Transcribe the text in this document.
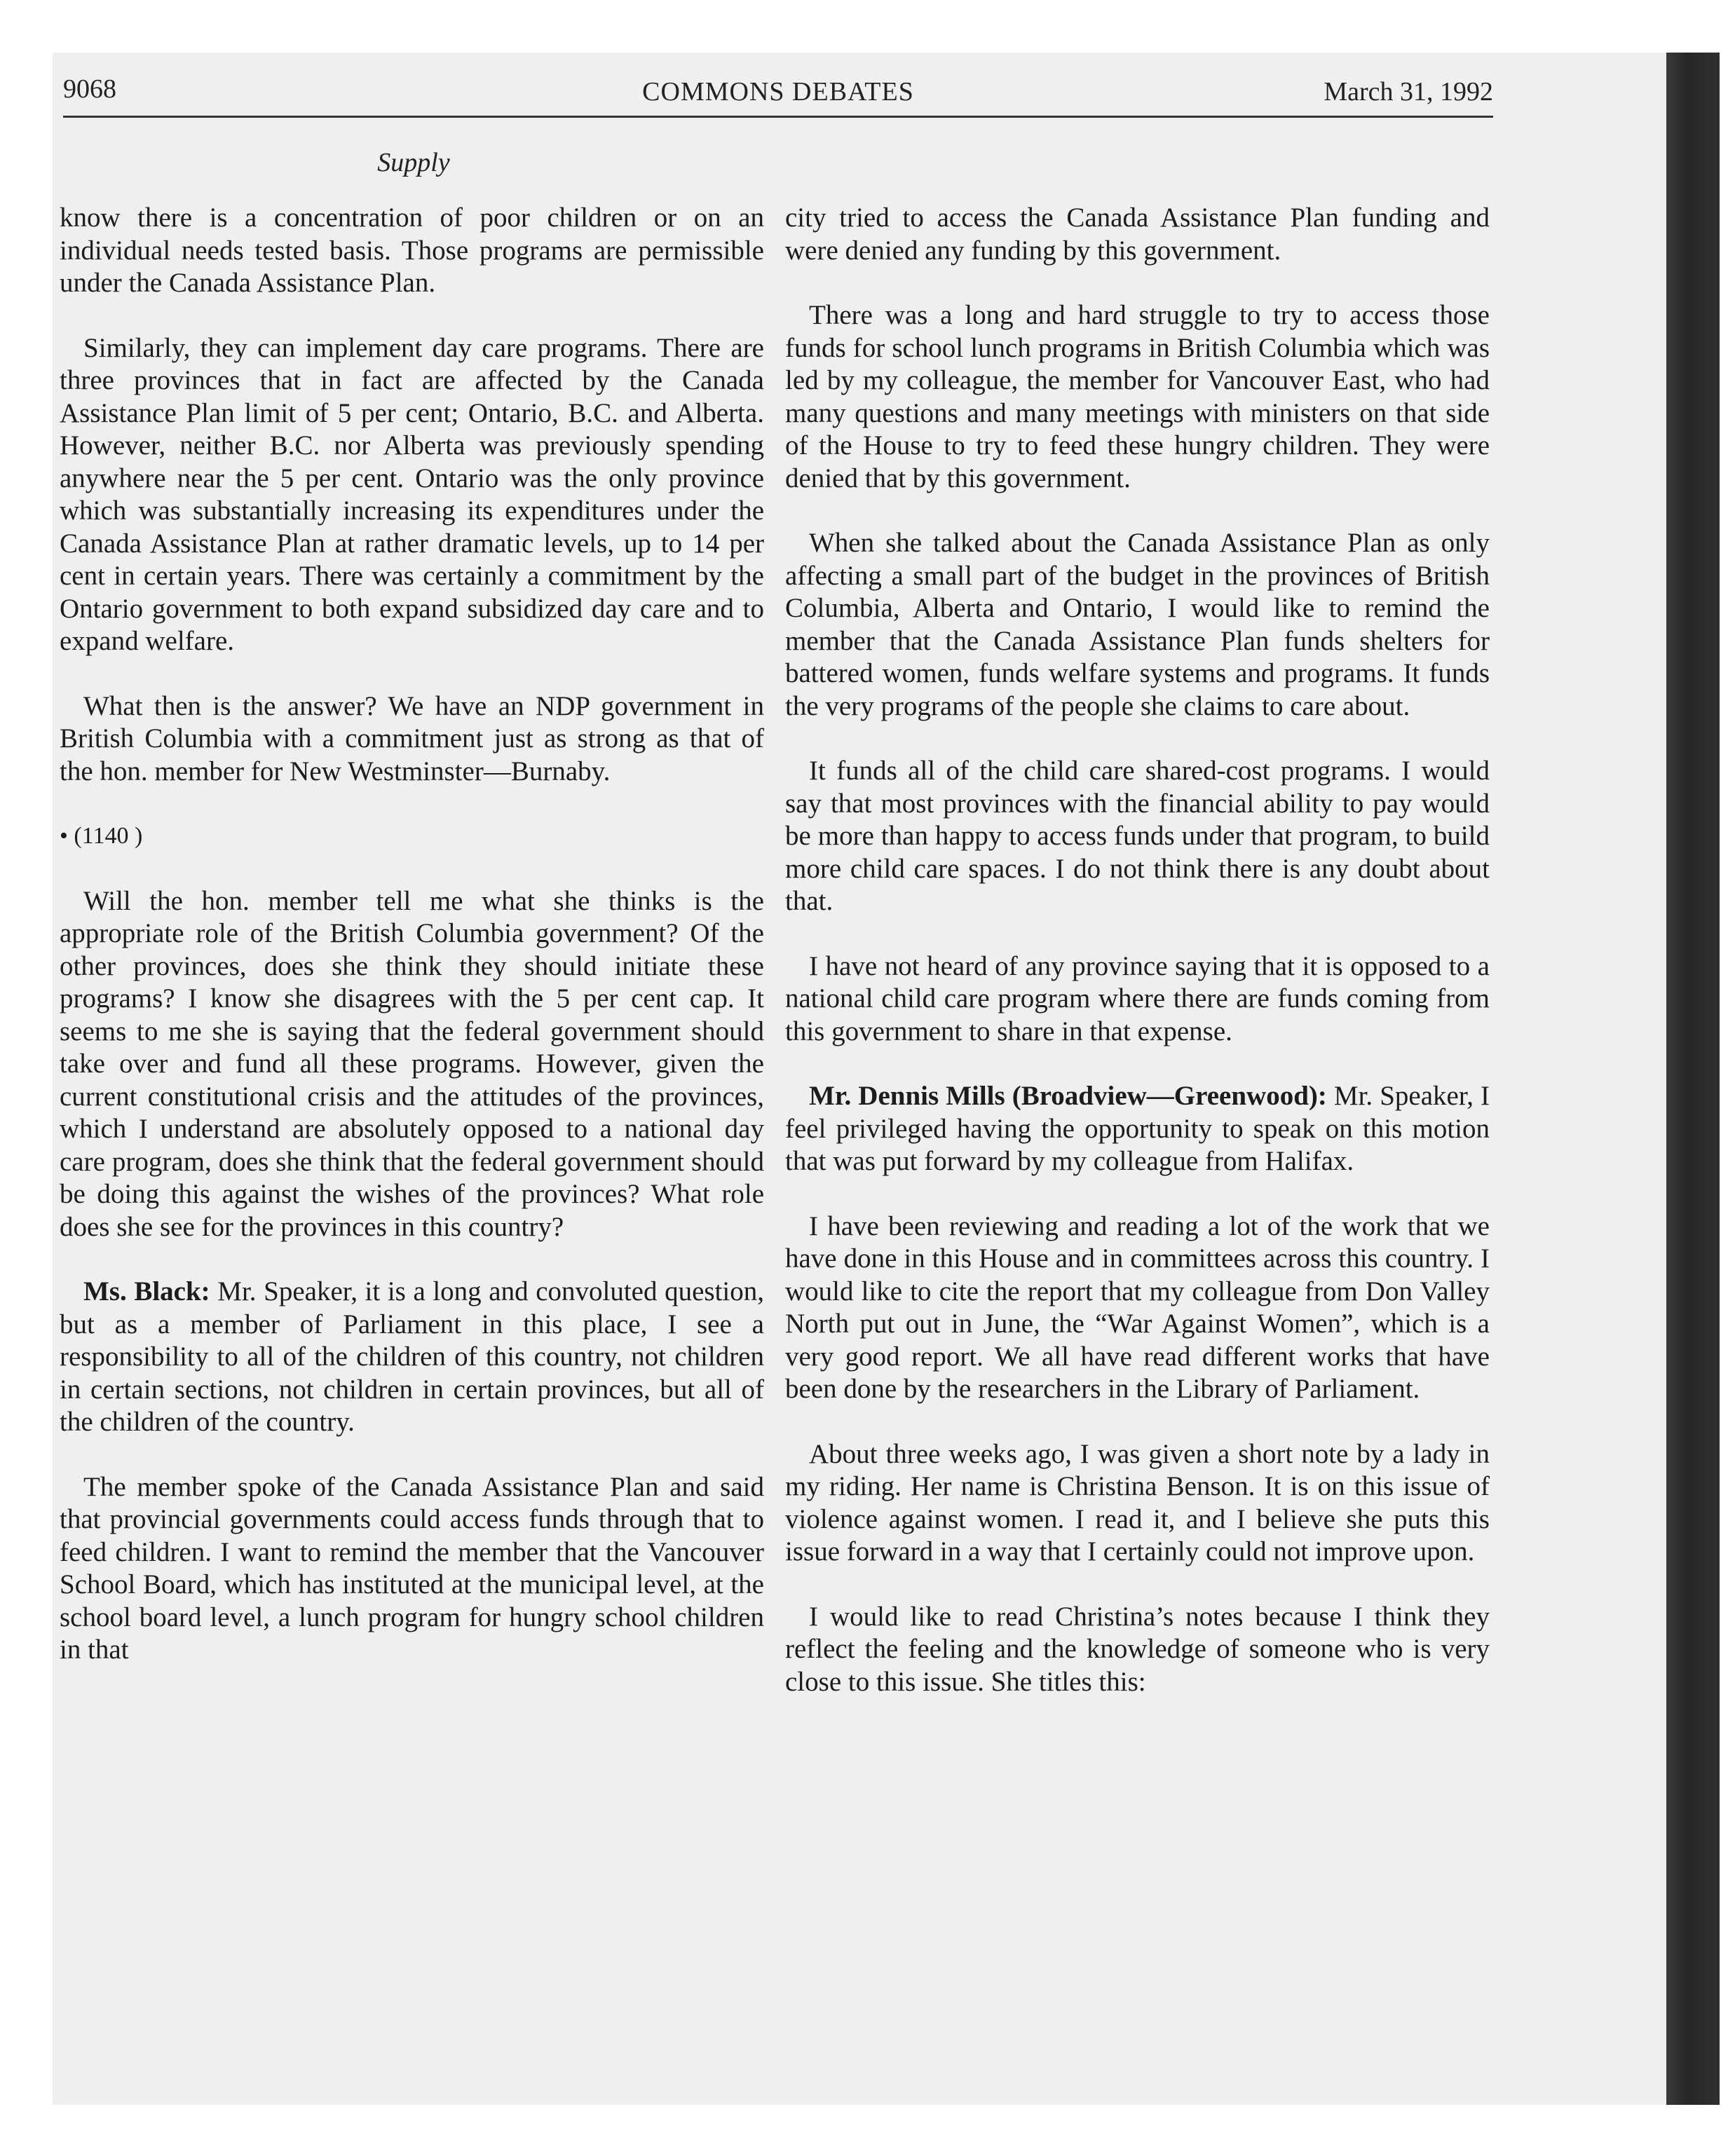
9068	COMMONS DEBATES	March 31, 1992
Supply

know there is a concentration of poor children or on an individual needs tested basis. Those programs are permissible under the Canada Assistance Plan.

Similarly, they can implement day care programs. There are three provinces that in fact are affected by the Canada Assistance Plan limit of 5 per cent; Ontario, B.C. and Alberta. However, neither B.C. nor Alberta was previously spending anywhere near the 5 per cent. Ontario was the only province which was substantially increasing its expenditures under the Canada Assistance Plan at rather dramatic levels, up to 14 per cent in certain years. There was certainly a commitment by the Ontario government to both expand subsidized day care and to expand welfare.

What then is the answer? We have an NDP government in British Columbia with a commitment just as strong as that of the hon. member for New Westminster—Burnaby.

• (1140 )

Will the hon. member tell me what she thinks is the appropriate role of the British Columbia government? Of the other provinces, does she think they should initiate these programs? I know she disagrees with the 5 per cent cap. It seems to me she is saying that the federal government should take over and fund all these programs. However, given the current constitutional crisis and the attitudes of the provinces, which I understand are absolutely opposed to a national day care program, does she think that the federal government should be doing this against the wishes of the provinces? What role does she see for the provinces in this country?

Ms. Black: Mr. Speaker, it is a long and convoluted question, but as a member of Parliament in this place, I see a responsibility to all of the children of this country, not children in certain sections, not children in certain provinces, but all of the children of the country.

The member spoke of the Canada Assistance Plan and said that provincial governments could access funds through that to feed children. I want to remind the member that the Vancouver School Board, which has instituted at the municipal level, at the school board level, a lunch program for hungry school children in that

city tried to access the Canada Assistance Plan funding and were denied any funding by this government.

There was a long and hard struggle to try to access those funds for school lunch programs in British Columbia which was led by my colleague, the member for Vancouver East, who had many questions and many meetings with ministers on that side of the House to try to feed these hungry children. They were denied that by this government.

When she talked about the Canada Assistance Plan as only affecting a small part of the budget in the provinces of British Columbia, Alberta and Ontario, I would like to remind the member that the Canada Assistance Plan funds shelters for battered women, funds welfare systems and programs. It funds the very programs of the people she claims to care about.

It funds all of the child care shared-cost programs. I would say that most provinces with the financial ability to pay would be more than happy to access funds under that program, to build more child care spaces. I do not think there is any doubt about that.

I have not heard of any province saying that it is opposed to a national child care program where there are funds coming from this government to share in that expense.

Mr. Dennis Mills (Broadview—Greenwood): Mr. Speaker, I feel privileged having the opportunity to speak on this motion that was put forward by my colleague from Halifax.

I have been reviewing and reading a lot of the work that we have done in this House and in committees across this country. I would like to cite the report that my colleague from Don Valley North put out in June, the “War Against Women”, which is a very good report. We all have read different works that have been done by the researchers in the Library of Parliament.

About three weeks ago, I was given a short note by a lady in my riding. Her name is Christina Benson. It is on this issue of violence against women. I read it, and I believe she puts this issue forward in a way that I certainly could not improve upon.

I would like to read Christina’s notes because I think they reflect the feeling and the knowledge of someone who is very close to this issue. She titles this:
